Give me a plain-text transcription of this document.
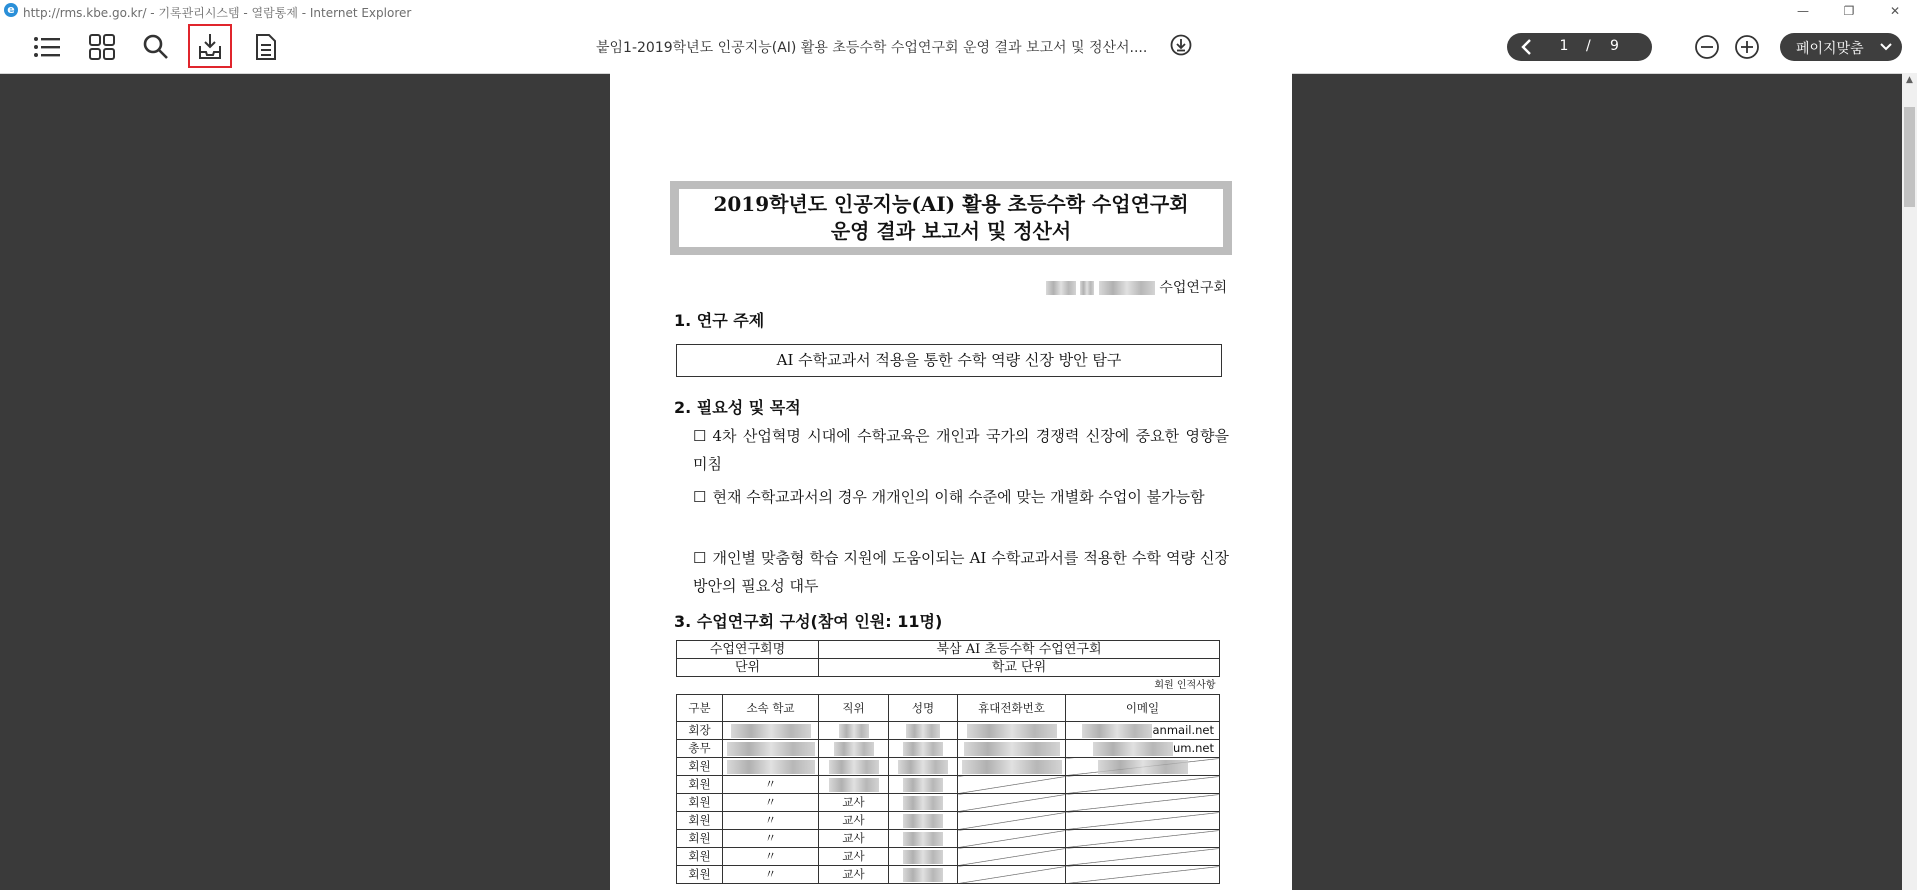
e http://rms.kbe.go.kr/ - 기록관리시스템 - 열람통제 - Internet Explorer	—	❐	✕
붙임1-2019학년도 인공지능(AI) 활용 초등수학 수업연구회 운영 결과 보고서 및 정산서....	1	/ 9	페이지맞춤
▲
2019학년도 인공지능(AI) 활용 초등수학 수업연구회
운영 결과 보고서 및 정산서
수업연구회
1. 연구 주제
AI 수학교과서 적용을 통한 수학 역량 신장 방안 탐구
2. 필요성 및 목적
☐ 4차 산업혁명 시대에 수학교육은 개인과 국가의 경쟁력 신장에 중요한 영향을 미침
☐ 현재 수학교과서의 경우 개개인의 이해 수준에 맞는 개별화 수업이 불가능함
☐ 개인별 맞춤형 학습 지원에 도움이되는 AI 수학교과서를 적용한 수학 역량 신장 방안의 필요성 대두
3. 수업연구회 구성(참여 인원: 11명)
수업연구회명		북삼 AI 초등수학 수업연구회			
단위		학교 단위			
회원 인적사항					
구분	소속 학교	직위	성명	휴대전화번호	이메일
회장					anmail.net
총무					um.net
회원					
회원	〃				
회원	〃	교사			
회원	〃	교사			
회원	〃	교사			
회원	〃	교사			
회원	〃	교사			
